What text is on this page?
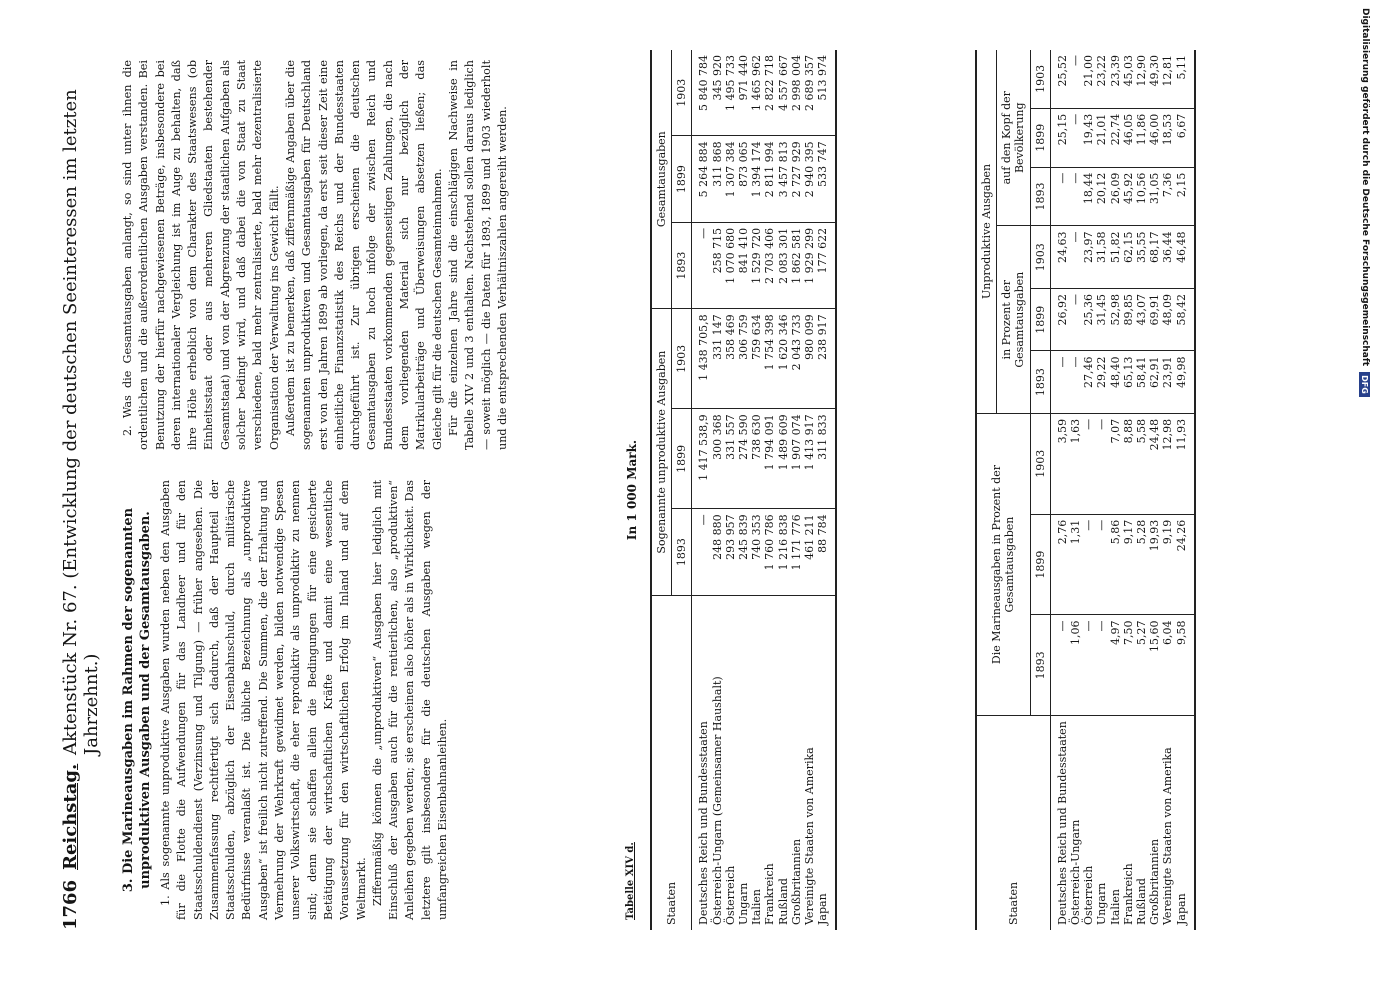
1766
Reichstag.
Aktenstück Nr. 67. (Entwicklung der deutschen Seeinteressen im letzten Jahrzehnt.) 3. Die Marineausgaben im Rahmen der sogenannten unproduktiven Ausgaben und der Gesamtausgaben. 1. Als sogenannte unproduktive Ausgaben wurden neben den Ausgaben für die Flotte die Aufwendungen für das Landheer und für den Staatsschuldendienst (Verzinsung und Tilgung) — früher angesehen. Die Zusammenfassung rechtfertigt sich dadurch, daß der Hauptteil der Staatsschulden, abzüglich der Eisenbahnschuld, durch militärische Bedürfnisse veranlaßt ist. Die übliche Bezeichnung als „unproduktive Ausgaben“ ist freilich nicht zutreffend. Die Summen, die der Erhaltung und Vermehrung der Wehrkraft gewidmet werden, bilden notwendige Spesen unserer Volkswirtschaft, die eher reproduktiv als unproduktiv zu nennen sind; denn sie schaffen allein die Bedingungen für eine gesicherte Betätigung der wirtschaftlichen Kräfte und damit eine wesentliche Voraussetzung für den wirtschaftlichen Erfolg im Inland und auf dem Weltmarkt. Ziffernmäßig können die „unproduktiven“ Ausgaben hier lediglich mit Einschluß der Ausgaben auch für die rentierlichen, also „produktiven“ Anleihen gegeben werden; sie erscheinen also höher als in Wirklichkeit. Das letztere gilt insbesondere für die deutschen Ausgaben wegen der umfangreichen Eisenbahnanleihen.

2. Was die Gesamtausgaben anlangt, so sind unter ihnen die ordentlichen und die außerordentlichen Ausgaben verstanden. Bei Benutzung der hierfür nachgewiesenen Beträge, insbesondere bei deren internationaler Vergleichung ist im Auge zu behalten, daß ihre Höhe erheblich von dem Charakter des Staatswesens (ob Einheitsstaat oder aus mehreren Gliedstaaten bestehender Gesamtstaat) und von der Abgrenzung der staatlichen Aufgaben als solcher bedingt wird, und daß dabei die von Staat zu Staat verschiedene, bald mehr zentralisierte, bald mehr dezentralisierte Organisation der Verwaltung ins Gewicht fällt. Außerdem ist zu bemerken, daß ziffernmäßige Angaben über die sogenannten unproduktiven und Gesamtausgaben für Deutschland erst von den Jahren 1899 ab vorliegen, da erst seit dieser Zeit eine einheitliche Finanzstatistik des Reichs und der Bundesstaaten durchgeführt ist. Zur übrigen erscheinen die deutschen Gesamtausgaben zu hoch infolge der zwischen Reich und Bundesstaaten vorkommenden gegenseitigen Zahlungen, die nach dem vorliegenden Material sich nur bezüglich der Matrikularbeiträge und Überweisungen absetzen ließen; das Gleiche gilt für die deutschen Gesamteinnahmen. Für die einzelnen Jahre sind die einschlägigen Nachweise in Tabelle XIV 2 und 3 enthalten. Nachstehend sollen daraus lediglich — soweit möglich — die Daten für 1893, 1899 und 1903 wiederholt und die entsprechenden Verhältniszahlen angereiht werden.

Tabelle XIV d.
In 1 000 Mark.
Staaten	Sogenannte unproduktive Ausgaben			Gesamtausgaben		
	1893	1899	1903	1893	1899	1903
Deutsches Reich und Bundesstaaten	—	1 417 538,9	1 438 705,8	—	5 264 884	5 840 784
Österreich-Ungarn (Gemeinsamer Haushalt)	248 880	300 368	331 147	258 715	311 868	345 920
Österreich	293 957	331 557	358 469	1 070 680	1 307 384	1 495 733
Ungarn	245 839	274 590	306 759	841 410	873 065	971 440
Italien	740 353	738 630	759 634	1 529 720	1 394 174	1 465 962
Frankreich	1 760 786	1 794 091	1 754 398	2 703 406	2 811 994	2 822 718
Rußland	1 216 838	1 489 609	1 620 346	2 083 301	3 457 813	4 557 667
Großbritannien	1 171 776	1 907 074	2 043 733	1 862 581	2 727 929	2 998 004
Vereinigte Staaten von Amerika	461 211	1 413 917	980 099	1 929 299	2 940 395	2 689 357
Japan	88 784	311 833	238 917	177 622	533 747	513 974
Staaten	Die Marineausgaben in Prozent der Gesamtausgaben			Unproduktive Ausgaben					
				in Prozent der Gesamtausgaben			auf den Kopf der Bevölkerung		
	1893	1899	1903	1893	1899	1903	1893	1899	1903
Deutsches Reich und Bundesstaaten	—	2,76	3,59	—	26,92	24,63	—	25,15	25,52
Österreich-Ungarn	1,06	1,31	1,63	—	—	—	—	—	—
Österreich	—	—	—	27,46	25,36	23,97	18,44	19,43	21,00
Ungarn	—	—	—	29,22	31,45	31,58	20,12	21,01	23,22
Italien	4,97	5,86	7,07	48,40	52,98	51,82	26,09	22,74	23,39
Frankreich	7,50	9,17	8,88	65,13	89,85	62,15	45,92	46,05	45,03
Rußland	5,27	5,28	5,58	58,41	43,07	35,55	10,56	11,86	12,90
Großbritannien	15,60	19,93	24,48	62,91	69,91	68,17	31,05	46,00	49,30
Vereinigte Staaten von Amerika	6,04	9,19	12,98	23,91	48,09	36,44	7,36	18,53	12,81
Japan	9,58	24,26	11,93	49,98	58,42	46,48	2,15	6,67	5,11	Digitalisierung gefördert durch die Deutsche Forschungsgemeinschaft
DFG
